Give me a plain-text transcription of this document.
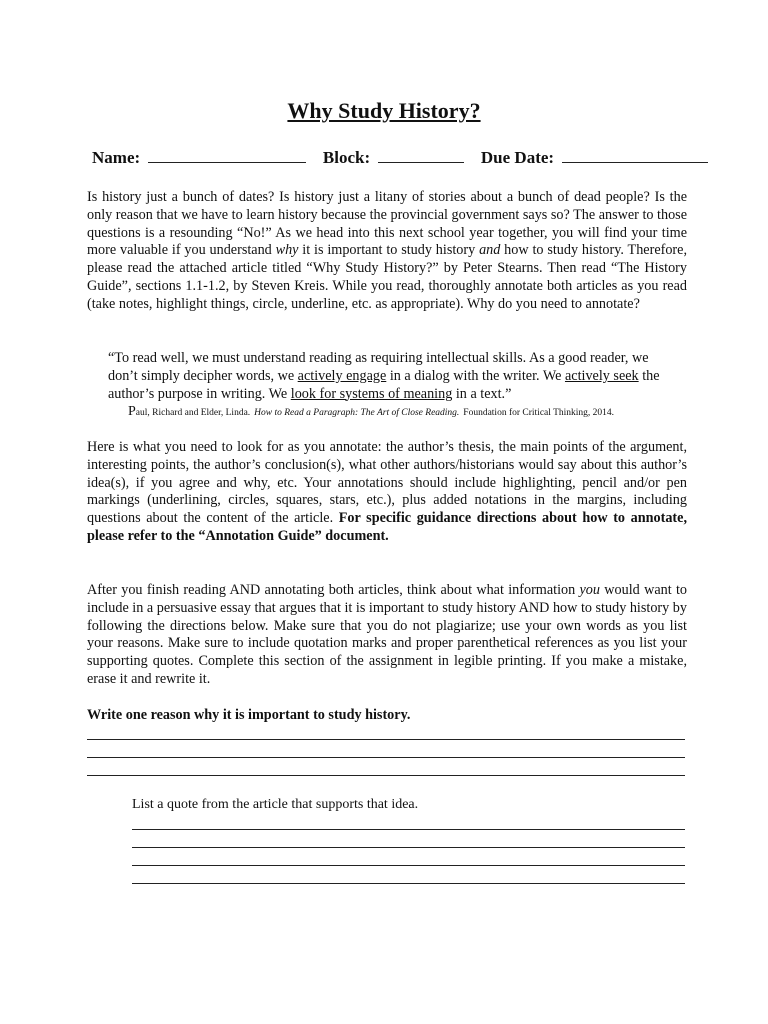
Why Study History?
Name:	Block:	Due Date:

Is history just a bunch of dates? Is history just a litany of stories about a bunch of dead people? Is the only reason that we have to learn history because the provincial government says so? The answer to those questions is a resounding “No!” As we head into this next school year together, you will find your time more valuable if you understand why it is important to study history and how to study history. Therefore, please read the attached article titled “Why Study History?” by Peter Stearns. Then read “The History Guide”, sections 1.1-1.2, by Steven Kreis. While you read, thoroughly annotate both articles as you read (take notes, highlight things, circle, underline, etc. as appropriate). Why do you need to annotate?

“To read well, we must understand reading as requiring intellectual skills. As a good reader, we don’t simply decipher words, we actively engage in a dialog with the writer. We actively seek the author’s purpose in writing. We look for systems of meaning in a text.”
Paul, Richard and Elder, Linda. How to Read a Paragraph: The Art of Close Reading. Foundation for Critical Thinking, 2014.

Here is what you need to look for as you annotate: the author’s thesis, the main points of the argument, interesting points, the author’s conclusion(s), what other authors/historians would say about this author’s idea(s), if you agree and why, etc. Your annotations should include highlighting, pencil and/or pen markings (underlining, circles, squares, stars, etc.), plus added notations in the margins, including questions about the content of the article. For specific guidance directions about how to annotate, please refer to the “Annotation Guide” document.

After you finish reading AND annotating both articles, think about what information you would want to include in a persuasive essay that argues that it is important to study history AND how to study history by following the directions below. Make sure that you do not plagiarize; use your own words as you list your reasons. Make sure to include quotation marks and proper parenthetical references as you list your supporting quotes. Complete this section of the assignment in legible printing. If you make a mistake, erase it and rewrite it.

Write one reason why it is important to study history.
List a quote from the article that supports that idea.
